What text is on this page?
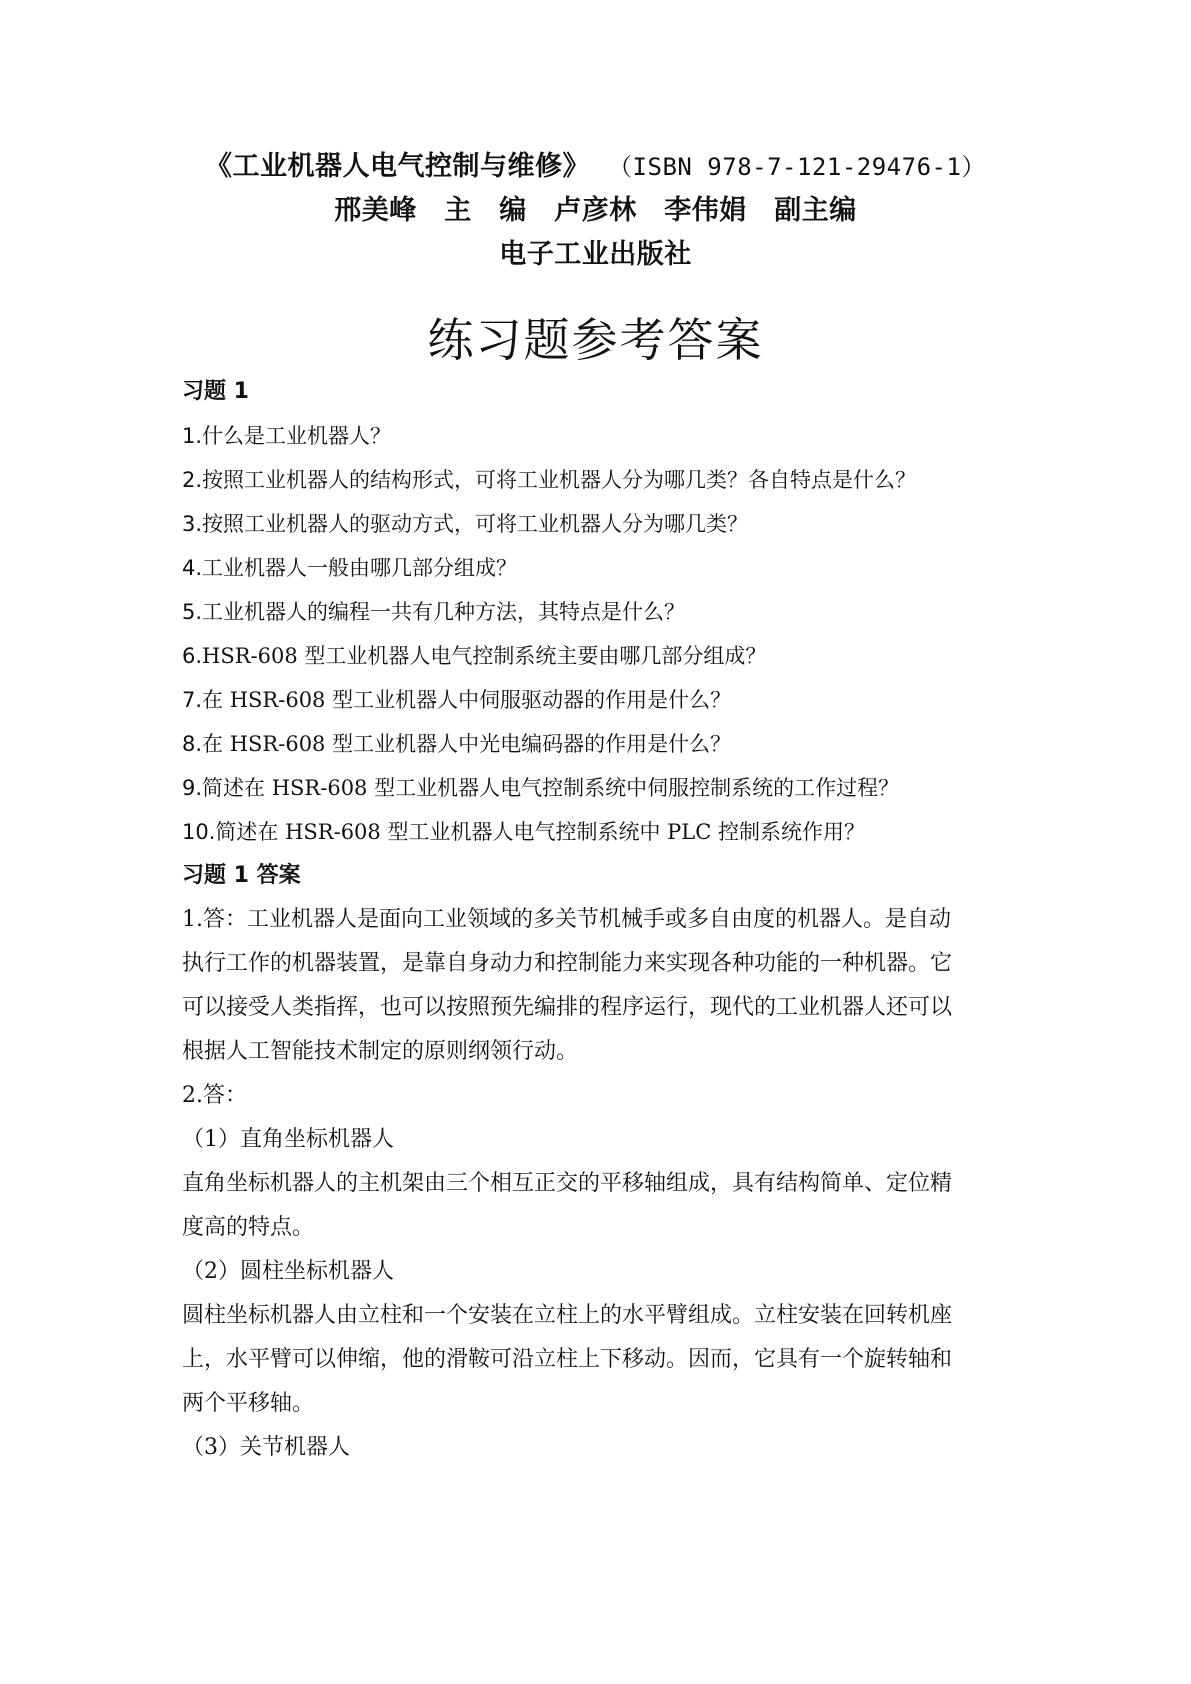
《工业机器人电气控制与维修》 （ISBN 978-7-121-29476-1）
邢美峰　主　编　卢彦林　李伟娟　副主编
电子工业出版社
练习题参考答案
习题 1
1.什么是工业机器人？
2.按照工业机器人的结构形式，可将工业机器人分为哪几类？各自特点是什么？
3.按照工业机器人的驱动方式，可将工业机器人分为哪几类？
4.工业机器人一般由哪几部分组成？
5.工业机器人的编程一共有几种方法，其特点是什么？
6.HSR-608 型工业机器人电气控制系统主要由哪几部分组成？
7.在 HSR-608 型工业机器人中伺服驱动器的作用是什么？
8.在 HSR-608 型工业机器人中光电编码器的作用是什么？
9.简述在 HSR-608 型工业机器人电气控制系统中伺服控制系统的工作过程？
10.简述在 HSR-608 型工业机器人电气控制系统中 PLC 控制系统作用？
习题 1 答案
1.答：工业机器人是面向工业领域的多关节机械手或多自由度的机器人。是自动
执行工作的机器装置，是靠自身动力和控制能力来实现各种功能的一种机器。它
可以接受人类指挥，也可以按照预先编排的程序运行，现代的工业机器人还可以
根据人工智能技术制定的原则纲领行动。
2.答：
（1）直角坐标机器人
直角坐标机器人的主机架由三个相互正交的平移轴组成，具有结构简单、定位精
度高的特点。
（2）圆柱坐标机器人
圆柱坐标机器人由立柱和一个安装在立柱上的水平臂组成。立柱安装在回转机座
上，水平臂可以伸缩，他的滑鞍可沿立柱上下移动。因而，它具有一个旋转轴和
两个平移轴。
（3）关节机器人
